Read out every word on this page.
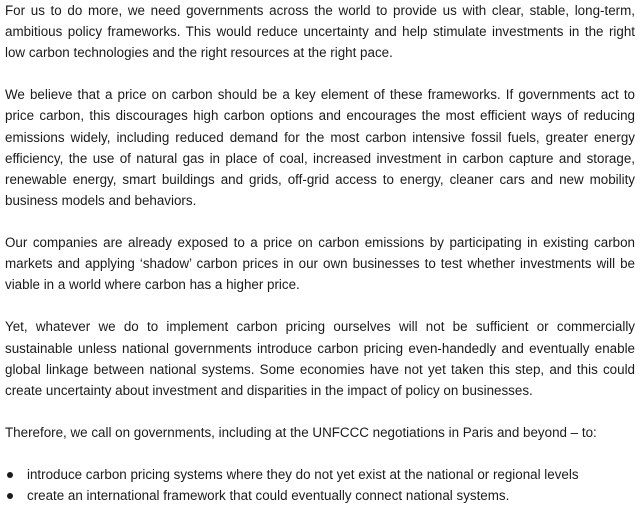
For us to do more, we need governments across the world to provide us with clear, stable, long-term, ambitious policy frameworks. This would reduce uncertainty and help stimulate investments in the right low carbon technologies and the right resources at the right pace.

We believe that a price on carbon should be a key element of these frameworks. If governments act to price carbon, this discourages high carbon options and encourages the most efficient ways of reducing emissions widely, including reduced demand for the most carbon intensive fossil fuels, greater energy efficiency, the use of natural gas in place of coal, increased investment in carbon capture and storage, renewable energy, smart buildings and grids, off-grid access to energy, cleaner cars and new mobility business models and behaviors.

Our companies are already exposed to a price on carbon emissions by participating in existing carbon markets and applying ‘shadow’ carbon prices in our own businesses to test whether investments will be viable in a world where carbon has a higher price.

Yet, whatever we do to implement carbon pricing ourselves will not be sufficient or commercially sustainable unless national governments introduce carbon pricing even-handedly and eventually enable global linkage between national systems. Some economies have not yet taken this step, and this could create uncertainty about investment and disparities in the impact of policy on businesses.

Therefore, we call on governments, including at the UNFCCC negotiations in Paris and beyond – to:

introduce carbon pricing systems where they do not yet exist at the national or regional levels
create an international framework that could eventually connect national systems.
